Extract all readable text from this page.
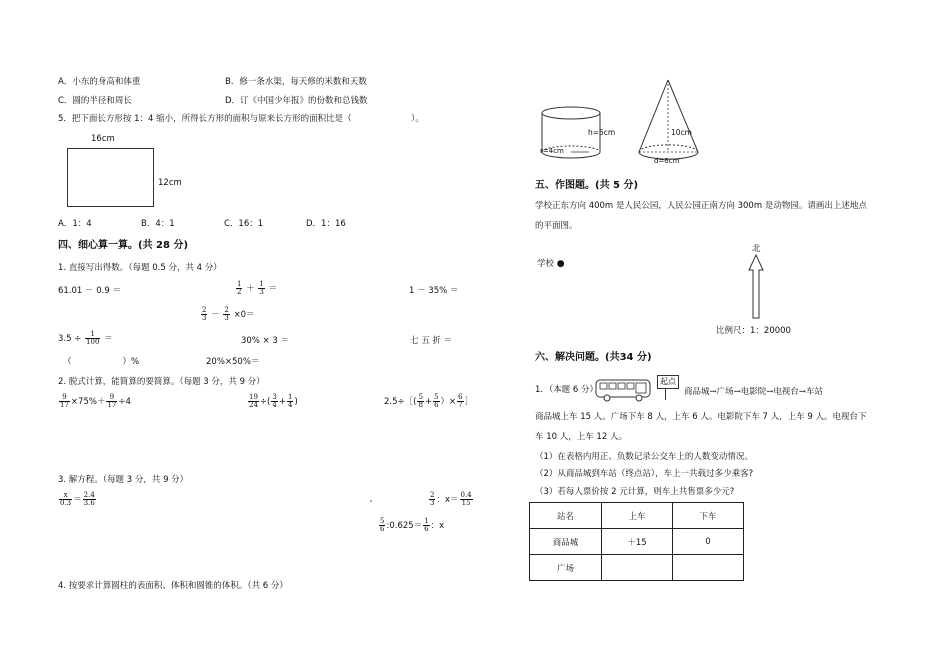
A．小东的身高和体重	B．修一条水渠，每天修的米数和天数
C．圆的半径和周长	D．订《中国少年报》的份数和总钱数
5．把下面长方形按 1：4 缩小，所得长方形的面积与原来长方形的面积比是（　　　　　　　）。
16cm
12cm
A．1：4	B．4：1	C．16：1	D．1：16
四、细心算一算。(共 28 分)
1. 直接写出得数。（每题 0.5 分，共 4 分）
61.01 － 0.9 ＝	$\frac{1}{2} + \frac{1}{3}$ ＝	1 － 35% ＝
$\frac{2}{3} - \frac{2}{3} \times 0=$
$3.5 \div \frac{1}{100}$ ＝	30% × 3 ＝	七 五 折 ＝
（　　　　　　）%	20%×50%＝
2. 脱式计算，能简算的要简算。（每题 3 分，共 9 分）
$\frac{9}{17} \times 75\%+ \frac{9}{17} \div 4$	$\frac{19}{24}$ ÷( $\frac{3}{4} + \frac{1}{4}$ )	2.5÷［( $\frac{5}{8} + \frac{5}{6}$ ）× $\frac{6}{7}$ ］
3. 解方程。（每题 3 分，共 9 分）
$\frac{x}{0.3} = \frac{2.4}{3.6}$	$\frac{2}{3}$ ：$x= \frac{0.4}{15}$
$\frac{5}{6}$ :0.625＝ $\frac{1}{6}$ ：x
4. 按要求计算圆柱的表面积、体积和圆锥的体积。（共 6 分）
h=5cm
r=4cm
10cm
d=6cm
五、作图题。(共 5 分)
学校正东方向 400m 是人民公园，人民公园正南方向 300m 是动物园。请画出上述地点
的平面图。
学校 ●
北
比例尺：1：20000
六、解决问题。(共34 分)
1．（本题 6 分）
起点
商品城→广场→电影院→电视台→车站
商品城上车 15 人。广场下车 8 人，上车 6 人。电影院下车 7 人，上车 9 人。电视台下
车 10 人，上车 12 人。
（1）在表格内用正、负数记录公交车上的人数变动情况。
（2）从商品城到车站（终点站），车上一共载过多少乘客?
（3）若每人票价按 2 元计算，则车上共售票多少元?
站名	上车	下车
商品城	＋15	0
广场		
